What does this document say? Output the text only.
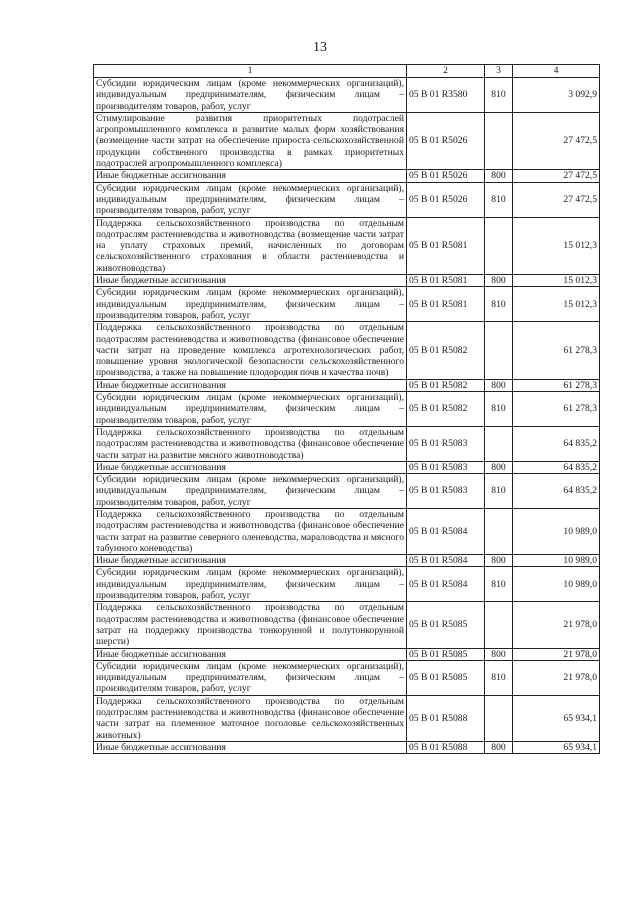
13
1	2	3	4
Субсидии юридическим лицам (кроме некоммерческих организаций), индивидуальным предпринимателям, физическим лицам – производителям товаров, работ, услуг	05 В 01 R3580	810	3 092,9
Стимулирование развития приоритетных подотраслей агропромышленного комплекса и развитие малых форм хозяйствования (возмещение части затрат на обеспечение прироста сельскохозяйственной продукции собственного производства в рамках приоритетных подотраслей агропромышленного комплекса)	05 В 01 R5026		27 472,5
Иные бюджетные ассигнования	05 В 01 R5026	800	27 472,5
Субсидии юридическим лицам (кроме некоммерческих организаций), индивидуальным предпринимателям, физическим лицам – производителям товаров, работ, услуг	05 В 01 R5026	810	27 472,5
Поддержка сельскохозяйственного производства по отдельным подотраслям растениеводства и животноводства (возмещение части затрат на уплату страховых премий, начисленных по договорам сельскохозяйственного страхования в области растениеводства и животноводства)	05 В 01 R5081		15 012,3
Иные бюджетные ассигнования	05 В 01 R5081	800	15 012,3
Субсидии юридическим лицам (кроме некоммерческих организаций), индивидуальным предпринимателям, физическим лицам – производителям товаров, работ, услуг	05 В 01 R5081	810	15 012,3
Поддержка сельскохозяйственного производства по отдельным подотраслям растениеводства и животноводства (финансовое обеспечение части затрат на проведение комплекса агротехнологических работ, повышение уровня экологической безопасности сельскохозяйственного производства, а также на повышение плодородия почв и качества почв)	05 В 01 R5082		61 278,3
Иные бюджетные ассигнования	05 В 01 R5082	800	61 278,3
Субсидии юридическим лицам (кроме некоммерческих организаций), индивидуальным предпринимателям, физическим лицам – производителям товаров, работ, услуг	05 В 01 R5082	810	61 278,3
Поддержка сельскохозяйственного производства по отдельным подотраслям растениеводства и животноводства (финансовое обеспечение части затрат на развитие мясного животноводства)	05 В 01 R5083		64 835,2
Иные бюджетные ассигнования	05 В 01 R5083	800	64 835,2
Субсидии юридическим лицам (кроме некоммерческих организаций), индивидуальным предпринимателям, физическим лицам – производителям товаров, работ, услуг	05 В 01 R5083	810	64 835,2
Поддержка сельскохозяйственного производства по отдельным подотраслям растениеводства и животноводства (финансовое обеспечение части затрат на развитие северного оленеводства, мараловодства и мясного табунного коневодства)	05 В 01 R5084		10 989,0
Иные бюджетные ассигнования	05 В 01 R5084	800	10 989,0
Субсидии юридическим лицам (кроме некоммерческих организаций), индивидуальным предпринимателям, физическим лицам – производителям товаров, работ, услуг	05 В 01 R5084	810	10 989,0
Поддержка сельскохозяйственного производства по отдельным подотраслям растениеводства и животноводства (финансовое обеспечение затрат на поддержку производства тонкорунной и полутонкорунной шерсти)	05 В 01 R5085		21 978,0
Иные бюджетные ассигнования	05 В 01 R5085	800	21 978,0
Субсидии юридическим лицам (кроме некоммерческих организаций), индивидуальным предпринимателям, физическим лицам – производителям товаров, работ, услуг	05 В 01 R5085	810	21 978,0
Поддержка сельскохозяйственного производства по отдельным подотраслям растениеводства и животноводства (финансовое обеспечение части затрат на племенное маточное поголовье сельскохозяйственных животных)	05 В 01 R5088		65 934,1
Иные бюджетные ассигнования	05 В 01 R5088	800	65 934,1
